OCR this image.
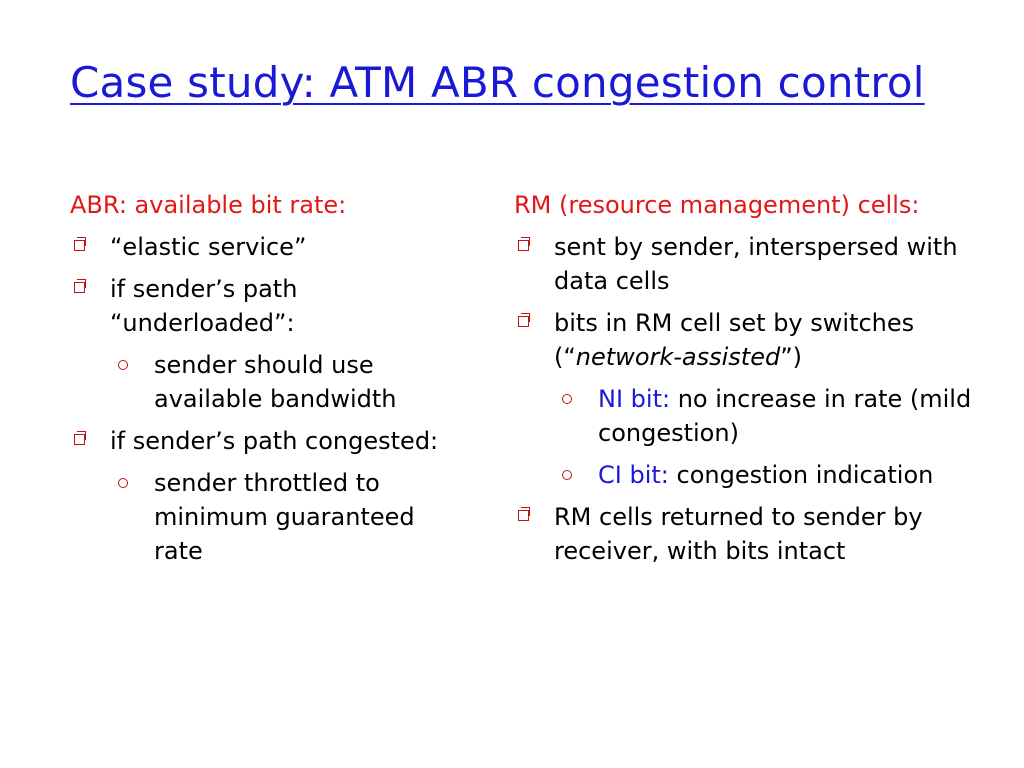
Case study: ATM ABR congestion control
ABR: available bit rate:
“elastic service”
if sender’s path “underloaded”:
sender should use available bandwidth
if sender’s path congested:
sender throttled to minimum guaranteed rate
RM (resource management) cells:
sent by sender, interspersed with data cells
bits in RM cell set by switches (“network-assisted”)
NI bit: no increase in rate (mild congestion)
CI bit: congestion indication
RM cells returned to sender by receiver, with bits intact
